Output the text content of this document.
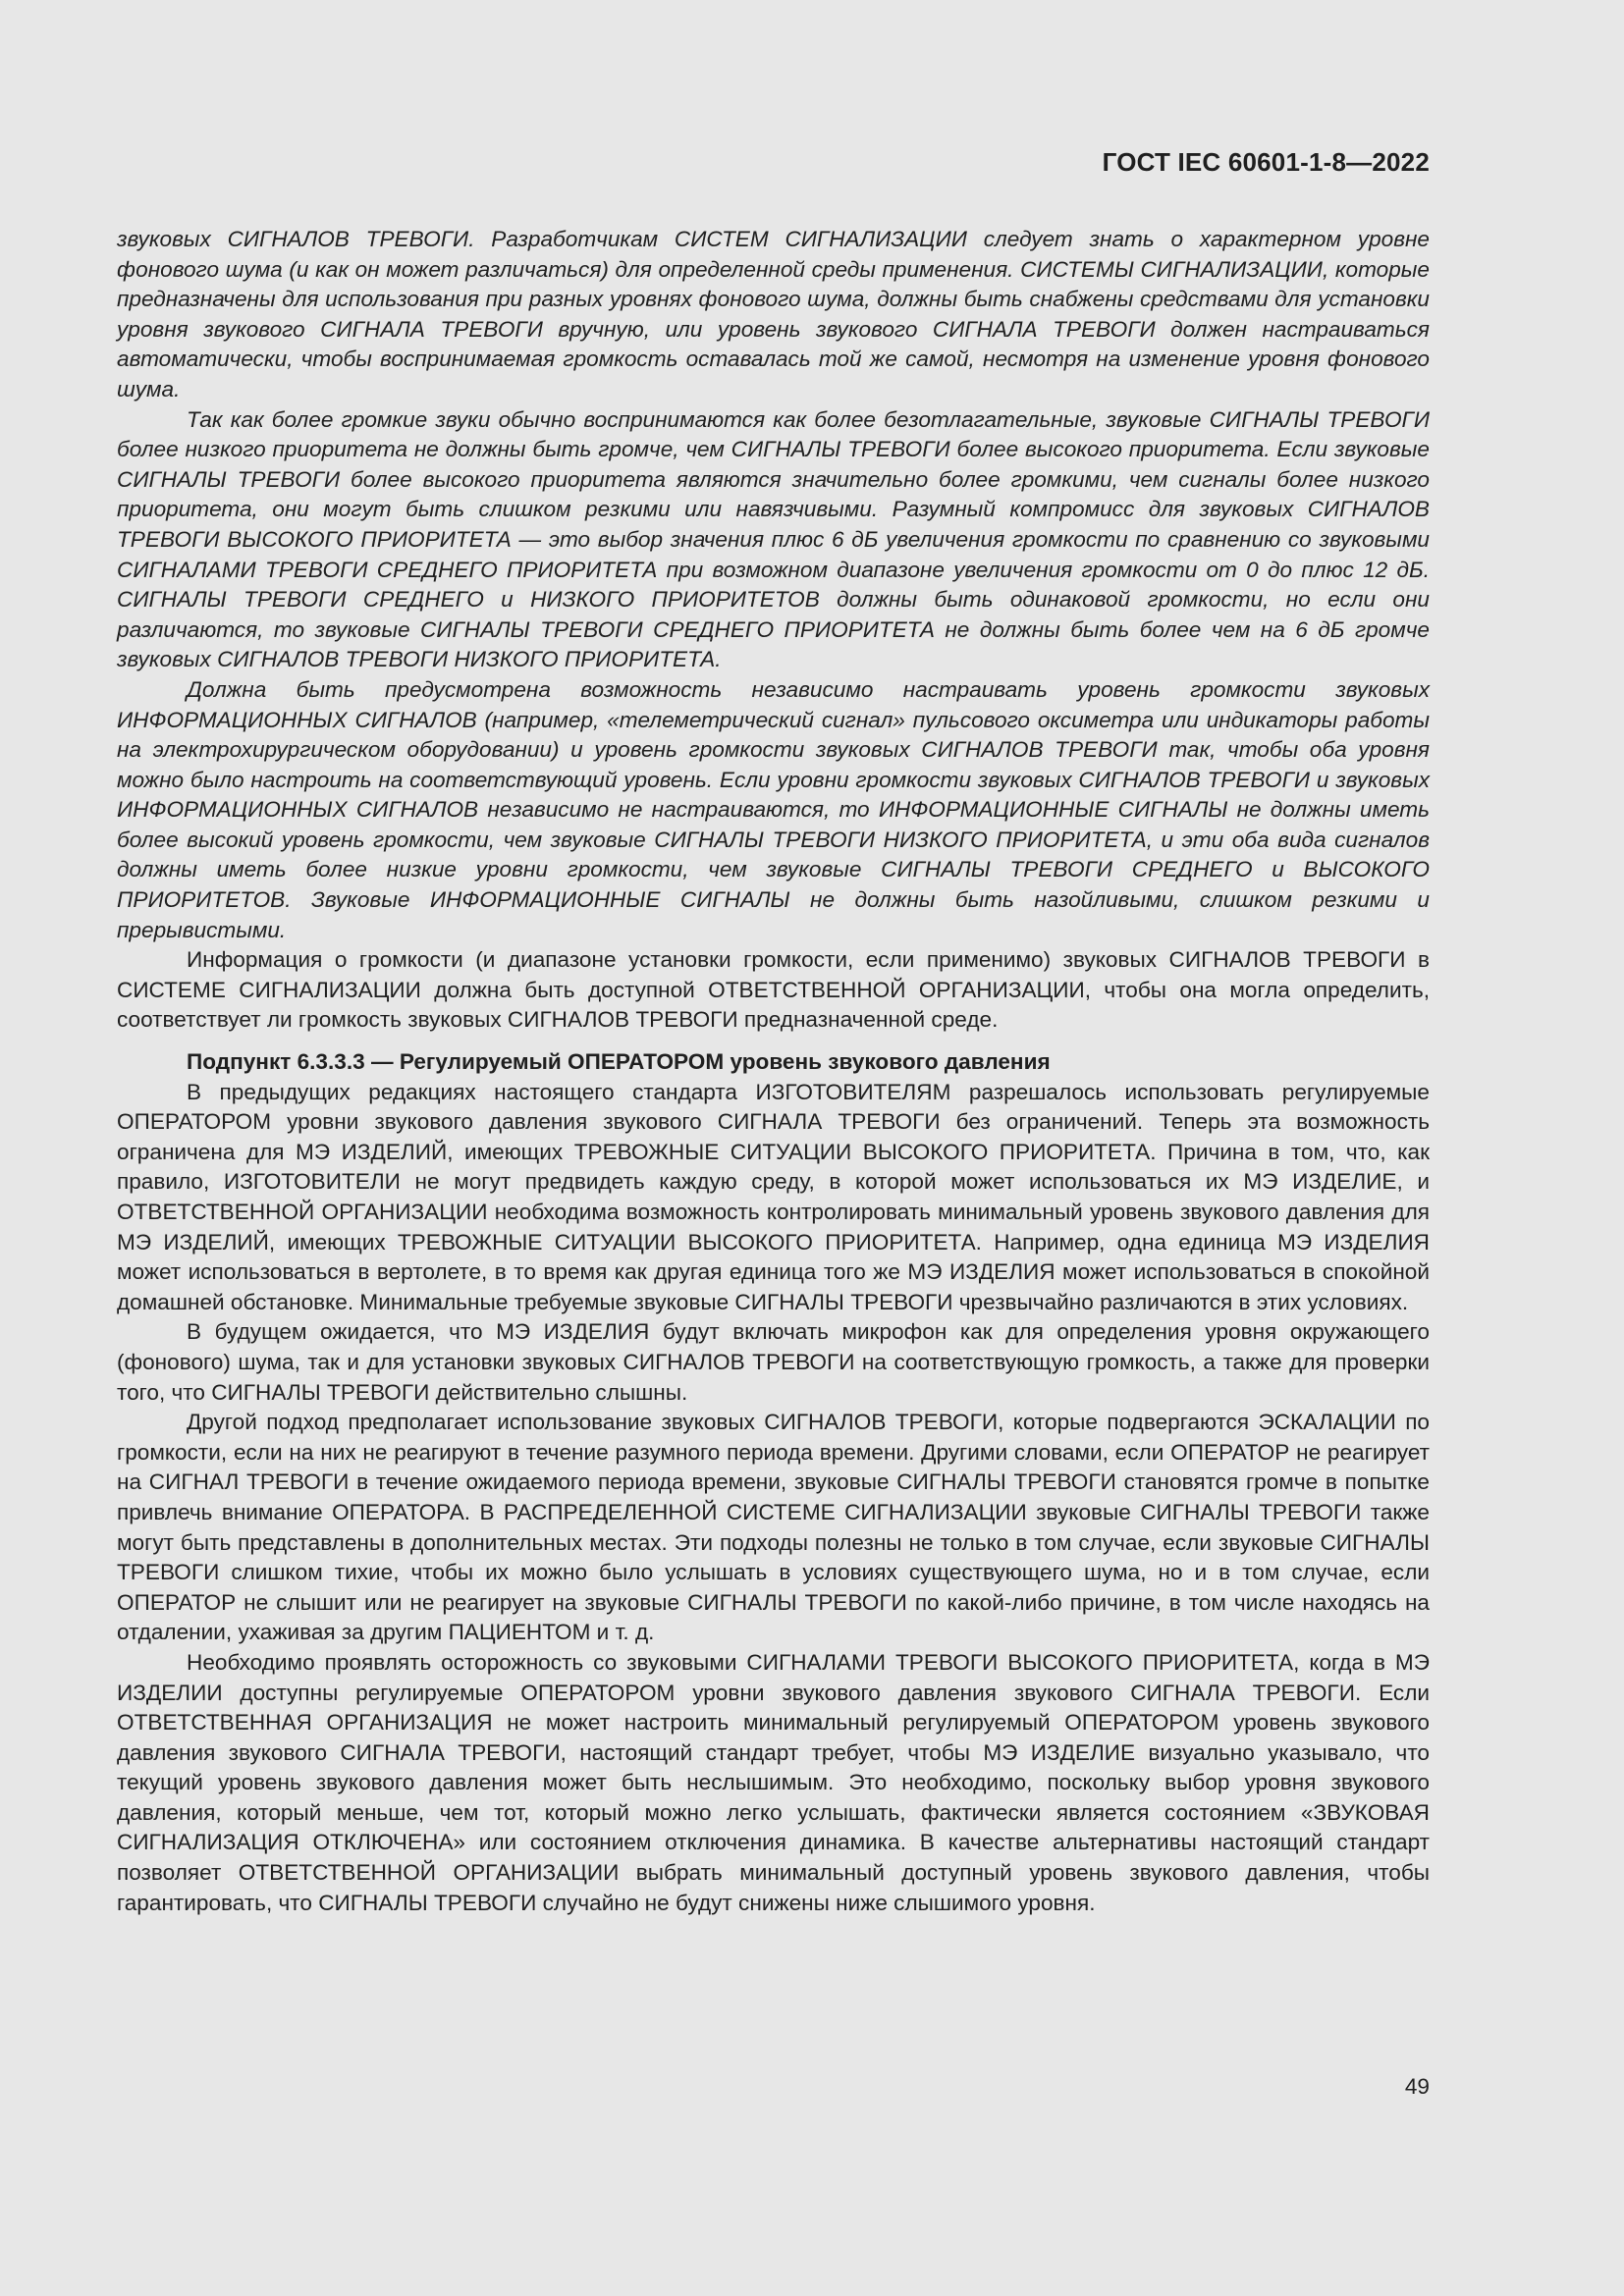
ГОСТ IEC 60601-1-8—2022

звуковых СИГНАЛОВ ТРЕВОГИ. Разработчикам СИСТЕМ СИГНАЛИЗАЦИИ следует знать о характерном уровне фонового шума (и как он может различаться) для определенной среды применения. СИСТЕМЫ СИГНАЛИЗАЦИИ, которые предназначены для использования при разных уровнях фонового шума, должны быть снабжены средствами для установки уровня звукового СИГНАЛА ТРЕВОГИ вручную, или уровень звукового СИГНАЛА ТРЕВОГИ должен настраиваться автоматически, чтобы воспринимаемая громкость оставалась той же самой, несмотря на изменение уровня фонового шума.

Так как более громкие звуки обычно воспринимаются как более безотлагательные, звуковые СИГНАЛЫ ТРЕВОГИ более низкого приоритета не должны быть громче, чем СИГНАЛЫ ТРЕВОГИ более высокого приоритета. Если звуковые СИГНАЛЫ ТРЕВОГИ более высокого приоритета являются значительно более громкими, чем сигналы более низкого приоритета, они могут быть слишком резкими или навязчивыми. Разумный компромисс для звуковых СИГНАЛОВ ТРЕВОГИ ВЫСОКОГО ПРИОРИТЕТА — это выбор значения плюс 6 дБ увеличения громкости по сравнению со звуковыми СИГНАЛАМИ ТРЕВОГИ СРЕДНЕГО ПРИОРИТЕТА при возможном диапазоне увеличения громкости от 0 до плюс 12 дБ. СИГНАЛЫ ТРЕВОГИ СРЕДНЕГО и НИЗКОГО ПРИОРИТЕТОВ должны быть одинаковой громкости, но если они различаются, то звуковые СИГНАЛЫ ТРЕВОГИ СРЕДНЕГО ПРИОРИТЕТА не должны быть более чем на 6 дБ громче звуковых СИГНАЛОВ ТРЕВОГИ НИЗКОГО ПРИОРИТЕТА.

Должна быть предусмотрена возможность независимо настраивать уровень громкости звуковых ИНФОРМАЦИОННЫХ СИГНАЛОВ (например, «телеметрический сигнал» пульсового оксиметра или индикаторы работы на электрохирургическом оборудовании) и уровень громкости звуковых СИГНАЛОВ ТРЕВОГИ так, чтобы оба уровня можно было настроить на соответствующий уровень. Если уровни громкости звуковых СИГНАЛОВ ТРЕВОГИ и звуковых ИНФОРМАЦИОННЫХ СИГНАЛОВ независимо не настраиваются, то ИНФОРМАЦИОННЫЕ СИГНАЛЫ не должны иметь более высокий уровень громкости, чем звуковые СИГНАЛЫ ТРЕВОГИ НИЗКОГО ПРИОРИТЕТА, и эти оба вида сигналов должны иметь более низкие уровни громкости, чем звуковые СИГНАЛЫ ТРЕВОГИ СРЕДНЕГО и ВЫСОКОГО ПРИОРИТЕТОВ. Звуковые ИНФОРМАЦИОННЫЕ СИГНАЛЫ не должны быть назойливыми, слишком резкими и прерывистыми.

Информация о громкости (и диапазоне установки громкости, если применимо) звуковых СИГНАЛОВ ТРЕВОГИ в СИСТЕМЕ СИГНАЛИЗАЦИИ должна быть доступной ОТВЕТСТВЕННОЙ ОРГАНИЗАЦИИ, чтобы она могла определить, соответствует ли громкость звуковых СИГНАЛОВ ТРЕВОГИ предназначенной среде.

Подпункт 6.3.3.3 — Регулируемый ОПЕРАТОРОМ уровень звукового давления

В предыдущих редакциях настоящего стандарта ИЗГОТОВИТЕЛЯМ разрешалось использовать регулируемые ОПЕРАТОРОМ уровни звукового давления звукового СИГНАЛА ТРЕВОГИ без ограничений. Теперь эта возможность ограничена для МЭ ИЗДЕЛИЙ, имеющих ТРЕВОЖНЫЕ СИТУАЦИИ ВЫСОКОГО ПРИОРИТЕТА. Причина в том, что, как правило, ИЗГОТОВИТЕЛИ не могут предвидеть каждую среду, в которой может использоваться их МЭ ИЗДЕЛИЕ, и ОТВЕТСТВЕННОЙ ОРГАНИЗАЦИИ необходима возможность контролировать минимальный уровень звукового давления для МЭ ИЗДЕЛИЙ, имеющих ТРЕВОЖНЫЕ СИТУАЦИИ ВЫСОКОГО ПРИОРИТЕТА. Например, одна единица МЭ ИЗДЕЛИЯ может использоваться в вертолете, в то время как другая единица того же МЭ ИЗДЕЛИЯ может использоваться в спокойной домашней обстановке. Минимальные требуемые звуковые СИГНАЛЫ ТРЕВОГИ чрезвычайно различаются в этих условиях.

В будущем ожидается, что МЭ ИЗДЕЛИЯ будут включать микрофон как для определения уровня окружающего (фонового) шума, так и для установки звуковых СИГНАЛОВ ТРЕВОГИ на соответствующую громкость, а также для проверки того, что СИГНАЛЫ ТРЕВОГИ действительно слышны.

Другой подход предполагает использование звуковых СИГНАЛОВ ТРЕВОГИ, которые подвергаются ЭСКАЛАЦИИ по громкости, если на них не реагируют в течение разумного периода времени. Другими словами, если ОПЕРАТОР не реагирует на СИГНАЛ ТРЕВОГИ в течение ожидаемого периода времени, звуковые СИГНАЛЫ ТРЕВОГИ становятся громче в попытке привлечь внимание ОПЕРАТОРА. В РАСПРЕДЕЛЕННОЙ СИСТЕМЕ СИГНАЛИЗАЦИИ звуковые СИГНАЛЫ ТРЕВОГИ также могут быть представлены в дополнительных местах. Эти подходы полезны не только в том случае, если звуковые СИГНАЛЫ ТРЕВОГИ слишком тихие, чтобы их можно было услышать в условиях существующего шума, но и в том случае, если ОПЕРАТОР не слышит или не реагирует на звуковые СИГНАЛЫ ТРЕВОГИ по какой-либо причине, в том числе находясь на отдалении, ухаживая за другим ПАЦИЕНТОМ и т. д.

Необходимо проявлять осторожность со звуковыми СИГНАЛАМИ ТРЕВОГИ ВЫСОКОГО ПРИОРИТЕТА, когда в МЭ ИЗДЕЛИИ доступны регулируемые ОПЕРАТОРОМ уровни звукового давления звукового СИГНАЛА ТРЕВОГИ. Если ОТВЕТСТВЕННАЯ ОРГАНИЗАЦИЯ не может настроить минимальный регулируемый ОПЕРАТОРОМ уровень звукового давления звукового СИГНАЛА ТРЕВОГИ, настоящий стандарт требует, чтобы МЭ ИЗДЕЛИЕ визуально указывало, что текущий уровень звукового давления может быть неслышимым. Это необходимо, поскольку выбор уровня звукового давления, который меньше, чем тот, который можно легко услышать, фактически является состоянием «ЗВУКОВАЯ СИГНАЛИЗАЦИЯ ОТКЛЮЧЕНА» или состоянием отключения динамика. В качестве альтернативы настоящий стандарт позволяет ОТВЕТСТВЕННОЙ ОРГАНИЗАЦИИ выбрать минимальный доступный уровень звукового давления, чтобы гарантировать, что СИГНАЛЫ ТРЕВОГИ случайно не будут снижены ниже слышимого уровня.

49
